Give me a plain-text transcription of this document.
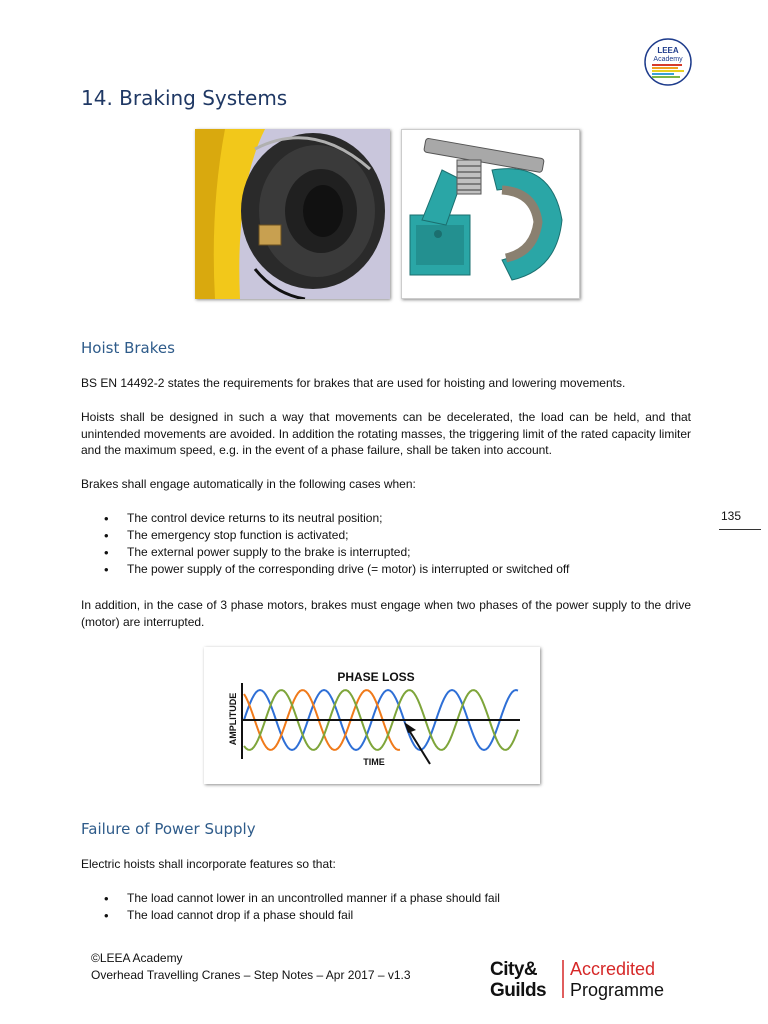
LEEA
Academy
14. Braking Systems
Hoist Brakes
BS EN 14492-2 states the requirements for brakes that are used for hoisting and lowering movements.
Hoists shall be designed in such a way that movements can be decelerated, the load can be held, and that unintended movements are avoided. In addition the rotating masses, the triggering limit of the rated capacity limiter and the maximum speed, e.g. in the event of a phase failure, shall be taken into account.
Brakes shall engage automatically in the following cases when:
• The control device returns to its neutral position;
• The emergency stop function is activated;
• The external power supply to the brake is interrupted;
• The power supply of the corresponding drive (= motor) is interrupted or switched off
In addition, in the case of 3 phase motors, brakes must engage when two phases of the power supply to the drive (motor) are interrupted.
135
PHASE LOSS
AMPLITUDE
TIME
Failure of Power Supply
Electric hoists shall incorporate features so that:
• The load cannot lower in an uncontrolled manner if a phase should fail
• The load cannot drop if a phase should fail
©LEEA Academy
Overhead Travelling Cranes – Step Notes – Apr 2017 – v1.3	City&
Guilds
Accredited
Programme
